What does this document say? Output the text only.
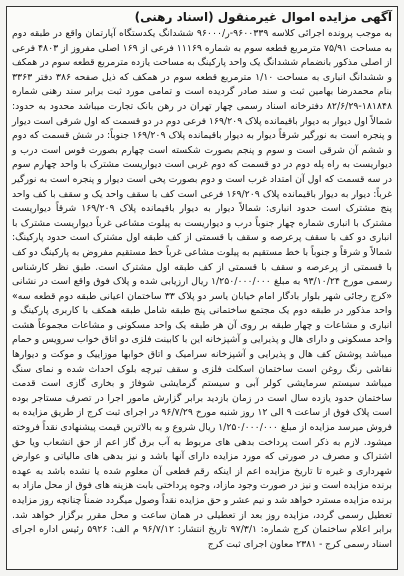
آگهی مزایده اموال غیرمنقول (اسناد رهنی)

به موجب پرونده اجرائی کلاسه ۹۶۰۰۳۳۹-ر/۹۶۰۰۰ ششدانگ یکدستگاه آپارتمان واقع در طبقه دوم به مساحت ۷۵/۹۱ مترمربع قطعه سوم به شماره ۱۱۱۶۹ فرعی از ۱۶۹ اصلی مفروز از ۴۸۰۳ فرعی از اصلی مذکور بانضمام ششدانگ یک واحد پارکینگ به مساحت یازده مترمربع قطعه سوم در همکف و ششدانگ انباری به مساحت ۱/۱۰ مترمربع قطعه سوم در همکف که ذیل صفحه ۳۸۶ دفتر ۳۳۶۳ بنام محمدرضا بهامین ثبت و سند صادر گردیده است و تمامی مورد ثبت برابر سند رهنی شماره ۱۸۱۸۴۸-۸۲/۶/۲۹ دفترخانه اسناد رسمی چهار تهران در رهن بانک تجارت میباشد محدود به حدود: شمالاً اول دیوار به دیوار باقیمانده پلاک ۱۶۹/۲۰۹ فرعی دوم در دو قسمت که اول شرقی است دیوار و پنجره است به نورگیر شرقاً دیوار به دیوار باقیمانده پلاک ۱۶۹/۲۰۹ جنوباً: در شش قسمت که دوم و ششم آن شرقی است و سوم و پنجم بصورت شکسته است چهارم بصورت قوس است درب و دیواریست به راه پله دوم در دو قسمت که دوم غربی است دیواریست مشترک با واحد چهارم سوم در سه قسمت که اول آن امتداد غرب است و دوم بصورت پخی است دیوار و پنجره است به نورگیر غرباً: دیوار به دیوار باقیمانده پلاک ۱۶۹/۲۰۹ فرعی است کف با سقف واحد یک و سقف با کف واحد پنج مشترک است حدود انباری: شمالاً دیوار به دیوار باقیمانده پلاک ۱۶۹/۲۰۹ شرقاً دیواریست مشترک با انباری شماره چهار جنوباً درب و دیواریست به پیلوت مشاعی غرباً دیواریست مشترک با انباری دو کف با سقف پرعرصه و سقف با قسمتی از کف طبقه اول مشترک است حدود پارکینگ: شمالاً و شرقاً و جنوباً با خط مستقیم به پیلوت مشاعی غرباً خط مستقیم مفروض به پارکینگ دو کف با قسمتی از پرعرصه و سقف با قسمتی از کف طبقه اول مشترک است. طبق نظر کارشناس رسمی مورخ ۹۳/۱۰/۲۴ به مبلغ ۱/۲۵۰/۰۰۰/۰۰۰ ریال ارزیابی شده و پلاک فوق واقع است در نشانی «کرج رجائی شهر بلوار بادگار امام خیابان یاسر دو پلاک ۳۳ ساختمان اعیانی طبقه دوم قطعه سه» واحد مذکور در طبقه دوم یک مجتمع ساختمانی پنج طبقه شامل طبقه همکف با کاربری پارکینگ و انباری و مشاعات و چهار طبقه بر روی آن هر طبقه یک واحد مسکونی و مشاعات مجموعاً هشت واحد مسکونی و دارای هال و پذیرایی و آشپزخانه این با کابینت فلزی دو اتاق خواب سرویس و حمام میباشد پوشش کف هال و پذیرایی و آشپزخانه سرامیک و اتاق خوابها موزاییک و موکت و دیوارها نقاشی رنگ روغن است ساختمان اسکلت فلزی و سقف تیرچه بلوک احداث شده و نمای سنگ میباشد سیستم سرمایشی کولر آبی و سیستم گرمایشی شوفاژ و بخاری گازی است قدمت ساختمان حدود یازده سال است در زمان بازدید برابر گزارش مامور اجرا در تصرف مستاجر بوده است پلاک فوق از ساعت ۹ الی ۱۲ روز شنبه مورخ ۹۶/۷/۲۹ در اجرای ثبت کرج از طریق مزایده به فروش میرسد مزایده از مبلغ ۱/۲۵۰/۰۰۰/۰۰۰ ریال شروع و به بالاترین قیمت پیشنهادی نقداً فروخته میشود. لازم به ذکر است پرداخت بدهی های مربوط به آب برق گاز اعم از حق انشعاب ویا حق اشتراک و مصرف در صورتی که مورد مزایده دارای آنها باشد و نیز بدهی های مالیاتی و عوارض شهرداری و غیره تا تاریخ مزایده اعم از اینکه رقم قطعی آن معلوم شده یا نشده باشد به عهده برنده مزایده است و نیز در صورت وجود مازاد، وجوه پرداختی بابت هزینه های فوق از محل مازاد به برنده مزایده مسترد خواهد شد و نیم عشر و حق مزایده نقداً وصول میگردد ضمناً چنانچه روز مزایده تعطیل رسمی گردد، مزایده روز بعد از تعطیلی در همان ساعت و محل مقرر برگزار خواهد شد. برابر اعلام ساختمان کرج شماره: ۹۷/۳/۱ تاریخ انتشار: ۹۶/۷/۱۲ م الف: ۵۹۲۶ رئیس اداره اجرای اسناد رسمی کرج - ۲۳۸۱ معاون اجرای ثبت کرج
